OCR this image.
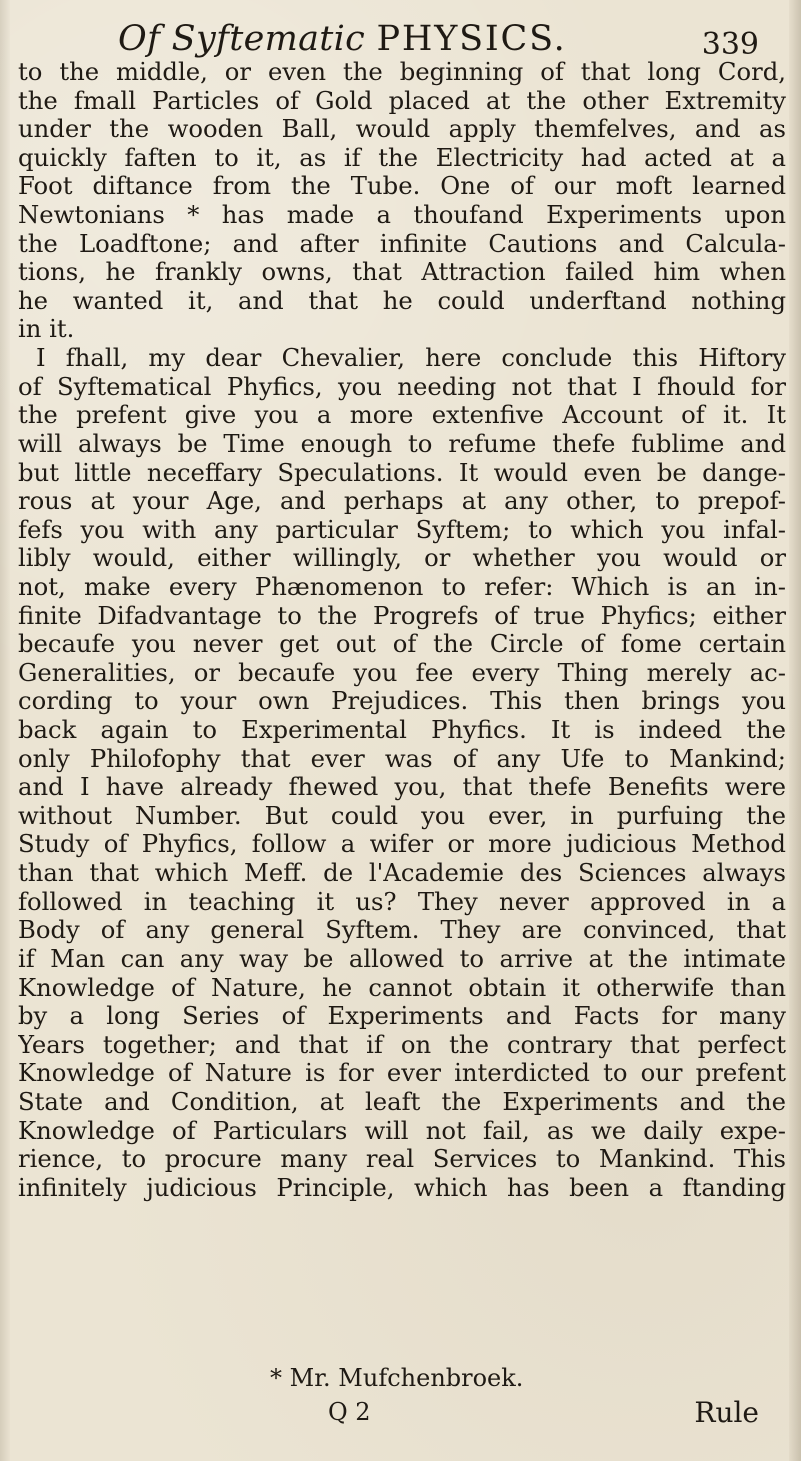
Of Syftematic PHYSICS.	339
to the middle, or even the beginning of that long Cord,
the fmall Particles of Gold placed at the other Extremity
under the wooden Ball, would apply themfelves, and as
quickly faften to it, as if the Electricity had acted at a
Foot diftance from the Tube. One of our moft learned
Newtonians * has made a thoufand Experiments upon
the Loadftone; and after infinite Cautions and Calcula-
tions, he frankly owns, that Attraction failed him when
he wanted it, and that he could underftand nothing
in it.
I fhall, my dear Chevalier, here conclude this Hiftory
of Syftematical Phyfics, you needing not that I fhould for
the prefent give you a more extenfive Account of it. It
will always be Time enough to refume thefe fublime and
but little neceffary Speculations. It would even be dange-
rous at your Age, and perhaps at any other, to prepof-
fefs you with any particular Syftem; to which you infal-
libly would, either willingly, or whether you would or
not, make every Phænomenon to refer: Which is an in-
finite Difadvantage to the Progrefs of true Phyfics; either
becaufe you never get out of the Circle of fome certain
Generalities, or becaufe you fee every Thing merely ac-
cording to your own Prejudices. This then brings you
back again to Experimental Phyfics. It is indeed the
only Philofophy that ever was of any Ufe to Mankind;
and I have already fhewed you, that thefe Benefits were
without Number. But could you ever, in purfuing the
Study of Phyfics, follow a wifer or more judicious Method
than that which Meff. de l'Academie des Sciences always
followed in teaching it us? They never approved in a
Body of any general Syftem. They are convinced, that
if Man can any way be allowed to arrive at the intimate
Knowledge of Nature, he cannot obtain it otherwife than
by a long Series of Experiments and Facts for many
Years together; and that if on the contrary that perfect
Knowledge of Nature is for ever interdicted to our prefent
State and Condition, at leaft the Experiments and the
Knowledge of Particulars will not fail, as we daily expe-
rience, to procure many real Services to Mankind. This
infinitely judicious Principle, which has been a ftanding
* Mr. Mufchenbroek.
Q 2	Rule
